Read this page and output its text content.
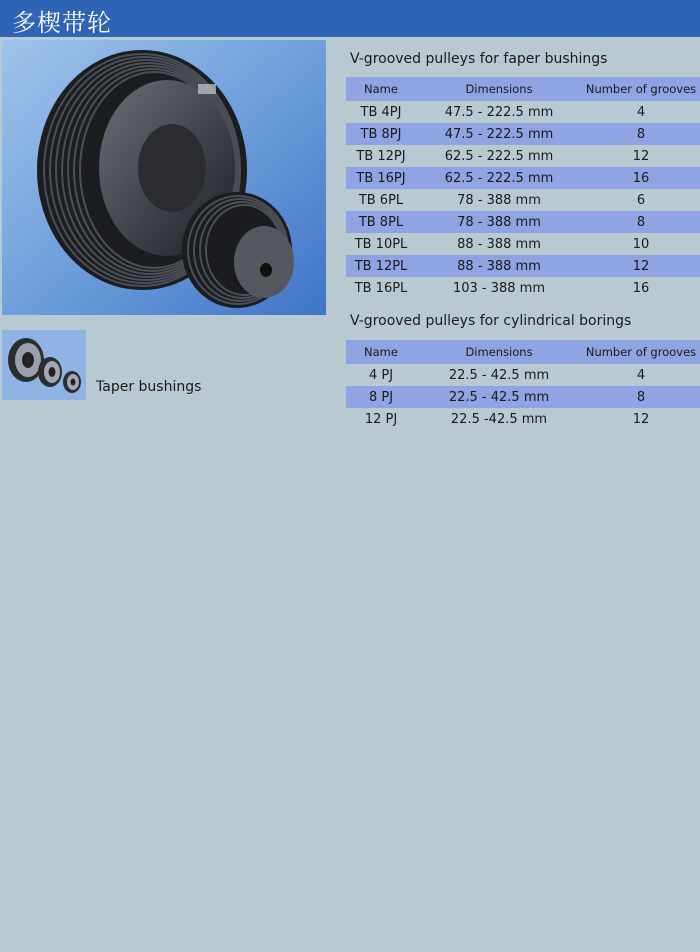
多楔带轮
Taper bushings
V-grooved pulleys for faper bushings
Name	Dimensions	Number of grooves
TB 4PJ	47.5 - 222.5 mm	4
TB 8PJ	47.5 - 222.5 mm	8
TB 12PJ	62.5 - 222.5 mm	12
TB 16PJ	62.5 - 222.5 mm	16
TB 6PL	78 - 388 mm	6
TB 8PL	78 - 388 mm	8
TB 10PL	88 - 388 mm	10
TB 12PL	88 - 388 mm	12
TB 16PL	103 - 388 mm	16
V-grooved pulleys for cylindrical borings
Name	Dimensions	Number of grooves
4 PJ	22.5 - 42.5 mm	4
8 PJ	22.5 - 42.5 mm	8
12 PJ	22.5 -42.5 mm	12
